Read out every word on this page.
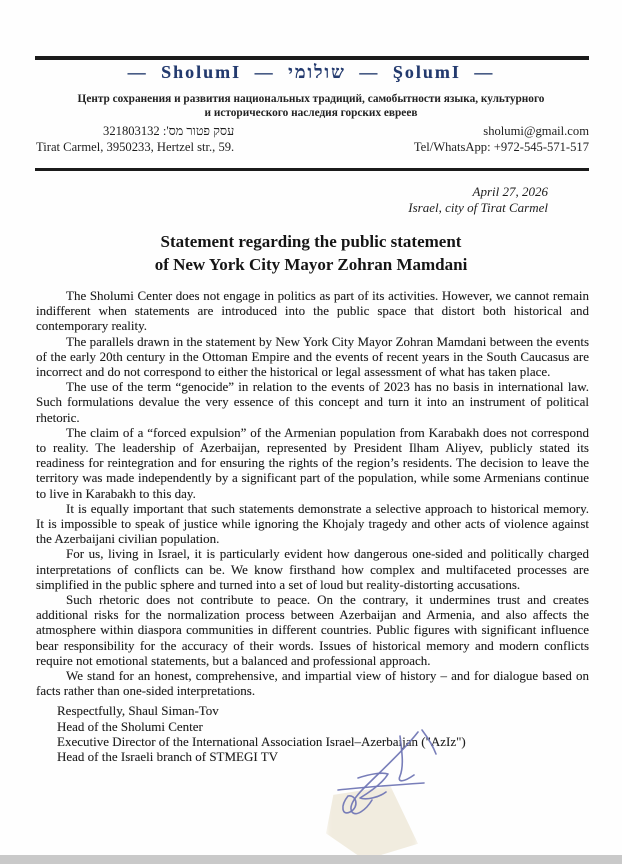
— SholumI — שולומי — ŞolumI —
Центр сохранения и развития национальных традиций, самобытности языка, культурного
и исторического наследия горских евреев
עסק פטור מס': 321803132
Tirat Carmel, 3950233, Hertzel str., 59.
sholumi@gmail.com
Tel/WhatsApp: +972-545-571-517
April 27, 2026
Israel, city of Tirat Carmel
Statement regarding the public statement
of New York City Mayor Zohran Mamdani

The Sholumi Center does not engage in politics as part of its activities. However, we cannot remain indifferent when statements are introduced into the public space that distort both historical and contemporary reality.

The parallels drawn in the statement by New York City Mayor Zohran Mamdani between the events of the early 20th century in the Ottoman Empire and the events of recent years in the South Caucasus are incorrect and do not correspond to either the historical or legal assessment of what has taken place.

The use of the term “genocide” in relation to the events of 2023 has no basis in international law. Such formulations devalue the very essence of this concept and turn it into an instrument of political rhetoric.

The claim of a “forced expulsion” of the Armenian population from Karabakh does not correspond to reality. The leadership of Azerbaijan, represented by President Ilham Aliyev, publicly stated its readiness for reintegration and for ensuring the rights of the region’s residents. The decision to leave the territory was made independently by a significant part of the population, while some Armenians continue to live in Karabakh to this day.

It is equally important that such statements demonstrate a selective approach to historical memory. It is impossible to speak of justice while ignoring the Khojaly tragedy and other acts of violence against the Azerbaijani civilian population.

For us, living in Israel, it is particularly evident how dangerous one-sided and politically charged interpretations of conflicts can be. We know firsthand how complex and multifaceted processes are simplified in the public sphere and turned into a set of loud but reality-distorting accusations.

Such rhetoric does not contribute to peace. On the contrary, it undermines trust and creates additional risks for the normalization process between Azerbaijan and Armenia, and also affects the atmosphere within diaspora communities in different countries. Public figures with significant influence bear responsibility for the accuracy of their words. Issues of historical memory and modern conflicts require not emotional statements, but a balanced and professional approach.

We stand for an honest, comprehensive, and impartial view of history – and for dialogue based on facts rather than one-sided interpretations.

Respectfully, Shaul Siman-Tov
Head of the Sholumi Center
Executive Director of the International Association Israel–Azerbaijan ("AzIz")
Head of the Israeli branch of STMEGI TV
